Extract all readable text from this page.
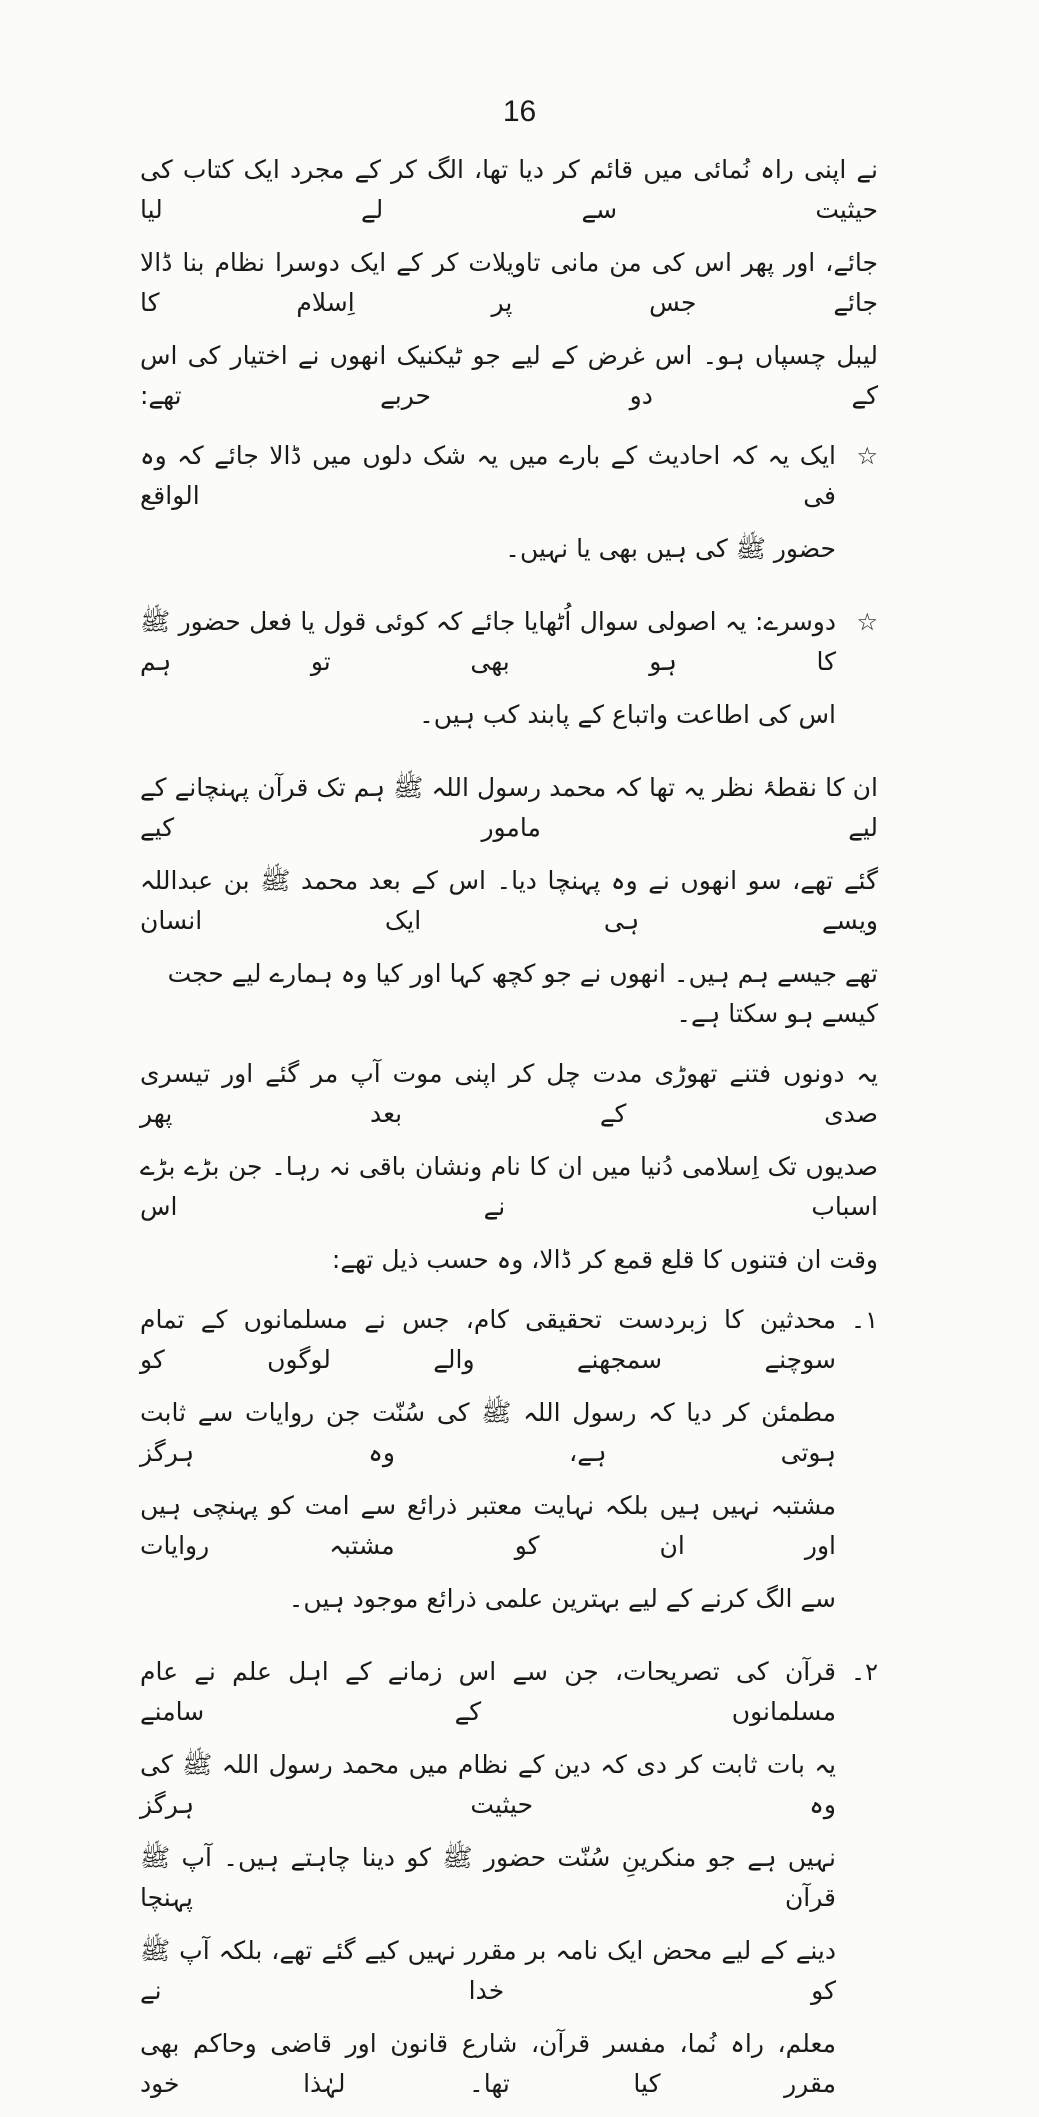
16
نے اپنی راہ نُمائی میں قائم کر دیا تھا، الگ کر کے مجرد ایک کتاب کی حیثیت سے لے لیا
جائے، اور پھر اس کی من مانی تاویلات کر کے ایک دوسرا نظام بنا ڈالا جائے جس پر اِسلام کا
لیبل چسپاں ہو۔ اس غرض کے لیے جو ٹیکنیک انھوں نے اختیار کی اس کے دو حربے تھے:
☆
ایک یہ کہ احادیث کے بارے میں یہ شک دلوں میں ڈالا جائے کہ وہ فی الواقع
حضور ﷺ کی ہیں بھی یا نہیں۔
☆
دوسرے: یہ اصولی سوال اُٹھایا جائے کہ کوئی قول یا فعل حضور ﷺ کا ہو بھی تو ہم
اس کی اطاعت واتباع کے پابند کب ہیں۔
ان کا نقطۂ نظر یہ تھا کہ محمد رسول اللہ ﷺ ہم تک قرآن پہنچانے کے لیے مامور کیے
گئے تھے، سو انھوں نے وہ پہنچا دیا۔ اس کے بعد محمد ﷺ بن عبداللہ ویسے ہی ایک انسان
تھے جیسے ہم ہیں۔ انھوں نے جو کچھ کہا اور کیا وہ ہمارے لیے حجت کیسے ہو سکتا ہے۔
یہ دونوں فتنے تھوڑی مدت چل کر اپنی موت آپ مر گئے اور تیسری صدی کے بعد پھر
صدیوں تک اِسلامی دُنیا میں ان کا نام ونشان باقی نہ رہا۔ جن بڑے بڑے اسباب نے اس
وقت ان فتنوں کا قلع قمع کر ڈالا، وہ حسب ذیل تھے:
۱۔
محدثین کا زبردست تحقیقی کام، جس نے مسلمانوں کے تمام سوچنے سمجھنے والے لوگوں کو
مطمئن کر دیا کہ رسول اللہ ﷺ کی سُنّت جن روایات سے ثابت ہوتی ہے، وہ ہرگز
مشتبہ نہیں ہیں بلکہ نہایت معتبر ذرائع سے امت کو پہنچی ہیں اور ان کو مشتبہ روایات
سے الگ کرنے کے لیے بہترین علمی ذرائع موجود ہیں۔
۲۔
قرآن کی تصریحات، جن سے اس زمانے کے اہل علم نے عام مسلمانوں کے سامنے
یہ بات ثابت کر دی کہ دین کے نظام میں محمد رسول اللہ ﷺ کی وہ حیثیت ہرگز
نہیں ہے جو منکرینِ سُنّت حضور ﷺ کو دینا چاہتے ہیں۔ آپ ﷺ قرآن پہنچا
دینے کے لیے محض ایک نامہ بر مقرر نہیں کیے گئے تھے، بلکہ آپ ﷺ کو خدا نے
معلم، راہ نُما، مفسر قرآن، شارع قانون اور قاضی وحاکم بھی مقرر کیا تھا۔ لہٰذا خود
